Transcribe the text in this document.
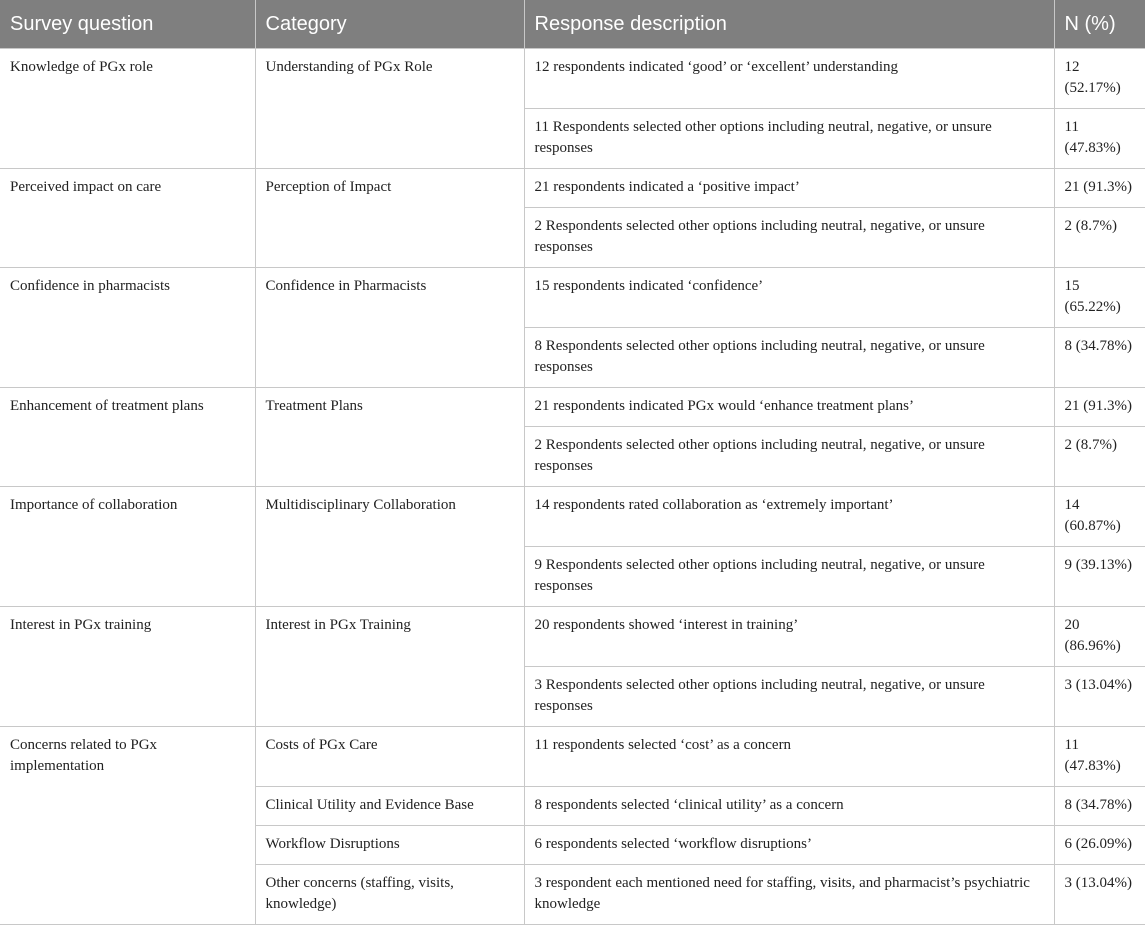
Survey question	Category	Response description	N (%)
Knowledge of PGx role	Understanding of PGx Role	12 respondents indicated ‘good’ or ‘excellent’ understanding	12 (52.17%)
		11 Respondents selected other options including neutral, negative, or unsure responses	11 (47.83%)
Perceived impact on care	Perception of Impact	21 respondents indicated a ‘positive impact’	21 (91.3%)
		2 Respondents selected other options including neutral, negative, or unsure responses	2 (8.7%)
Confidence in pharmacists	Confidence in Pharmacists	15 respondents indicated ‘confidence’	15 (65.22%)
		8 Respondents selected other options including neutral, negative, or unsure responses	8 (34.78%)
Enhancement of treatment plans	Treatment Plans	21 respondents indicated PGx would ‘enhance treatment plans’	21 (91.3%)
		2 Respondents selected other options including neutral, negative, or unsure responses	2 (8.7%)
Importance of collaboration	Multidisciplinary Collaboration	14 respondents rated collaboration as ‘extremely important’	14 (60.87%)
		9 Respondents selected other options including neutral, negative, or unsure responses	9 (39.13%)
Interest in PGx training	Interest in PGx Training	20 respondents showed ‘interest in training’	20 (86.96%)
		3 Respondents selected other options including neutral, negative, or unsure responses	3 (13.04%)
Concerns related to PGx implementation	Costs of PGx Care	11 respondents selected ‘cost’ as a concern	11 (47.83%)
	Clinical Utility and Evidence Base	8 respondents selected ‘clinical utility’ as a concern	8 (34.78%)
	Workflow Disruptions	6 respondents selected ‘workflow disruptions’	6 (26.09%)
	Other concerns (staffing, visits, knowledge)	3 respondent each mentioned need for staffing, visits, and pharmacist’s psychiatric knowledge	3 (13.04%)
